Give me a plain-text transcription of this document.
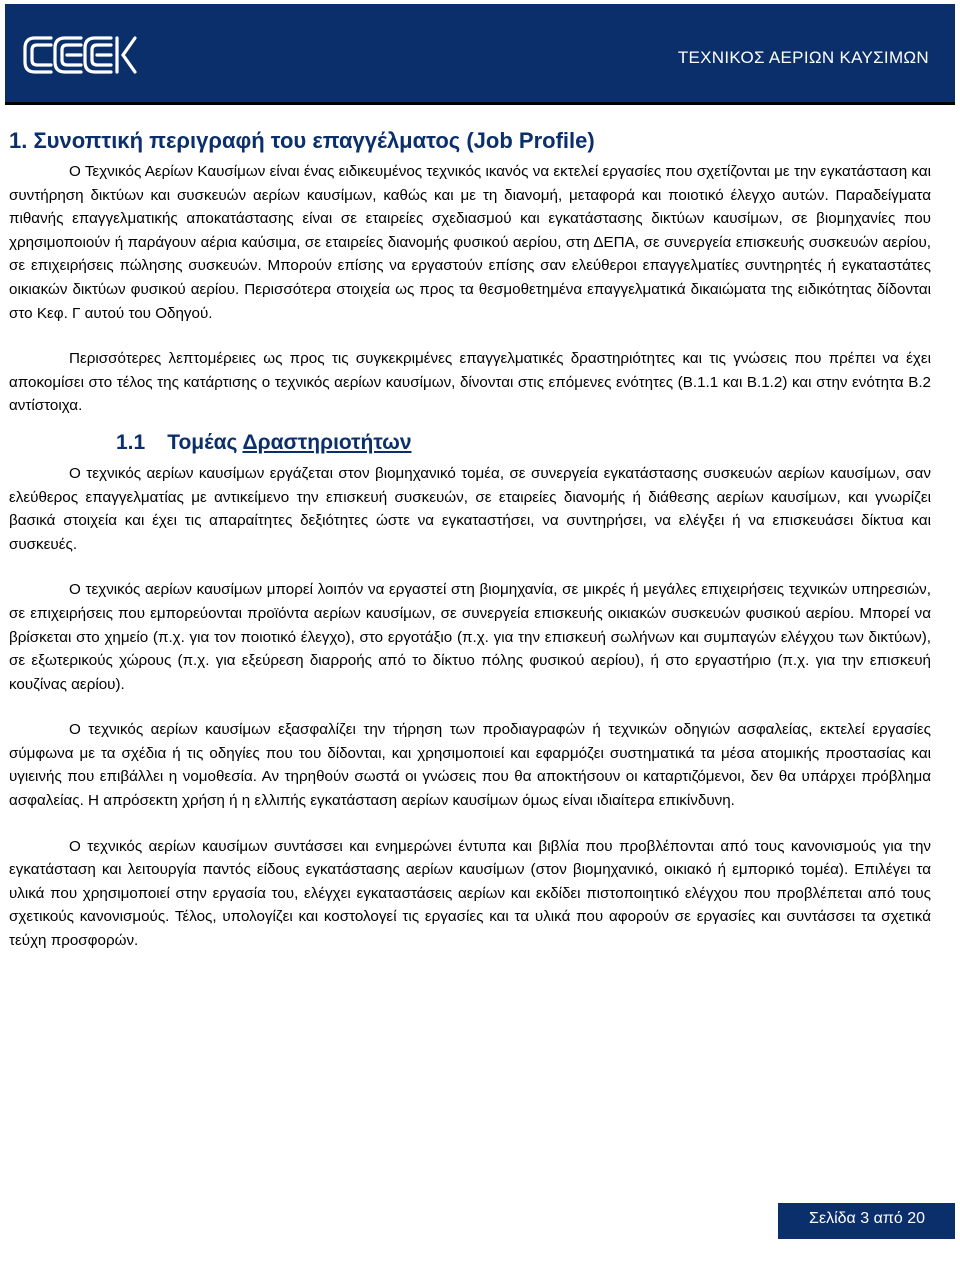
ΤΕΧΝΙΚΟΣ ΑΕΡΙΩΝ ΚΑΥΣΙΜΩΝ
1. Συνοπτική περιγραφή του επαγγέλματος (Job Profile)

Ο Τεχνικός Αερίων Καυσίμων είναι ένας ειδικευμένος τεχνικός ικανός να εκτελεί εργασίες που σχετίζονται με την εγκατάσταση και συντήρηση δικτύων και συσκευών αερίων καυσίμων, καθώς και με τη διανομή, μεταφορά και ποιοτικό έλεγχο αυτών. Παραδείγματα πιθανής επαγγελματικής αποκατάστασης είναι σε εταιρείες σχεδιασμού και εγκατάστασης δικτύων καυσίμων, σε βιομηχανίες που χρησιμοποιούν ή παράγουν αέρια καύσιμα, σε εταιρείες διανομής φυσικού αερίου, στη ΔΕΠΑ, σε συνεργεία επισκευής συσκευών αερίου, σε επιχειρήσεις πώλησης συσκευών. Μπορούν επίσης να εργαστούν επίσης σαν ελεύθεροι επαγγελματίες συντηρητές ή εγκαταστάτες οικιακών δικτύων φυσικού αερίου. Περισσότερα στοιχεία ως προς τα θεσμοθετημένα επαγγελματικά δικαιώματα της ειδικότητας δίδονται στο Κεφ. Γ αυτού του Οδηγού.

Περισσότερες λεπτομέρειες ως προς τις συγκεκριμένες επαγγελματικές δραστηριότητες και τις γνώσεις που πρέπει να έχει αποκομίσει στο τέλος της κατάρτισης ο τεχνικός αερίων καυσίμων, δίνονται στις επόμενες ενότητες (Β.1.1 και Β.1.2) και στην ενότητα Β.2 αντίστοιχα.

1.1 Τομέας Δραστηριοτήτων

Ο τεχνικός αερίων καυσίμων εργάζεται στον βιομηχανικό τομέα, σε συνεργεία εγκατάστασης συσκευών αερίων καυσίμων, σαν ελεύθερος επαγγελματίας με αντικείμενο την επισκευή συσκευών, σε εταιρείες διανομής ή διάθεσης αερίων καυσίμων, και γνωρίζει βασικά στοιχεία και έχει τις απαραίτητες δεξιότητες ώστε να εγκαταστήσει, να συντηρήσει, να ελέγξει ή να επισκευάσει δίκτυα και συσκευές.

Ο τεχνικός αερίων καυσίμων μπορεί λοιπόν να εργαστεί στη βιομηχανία, σε μικρές ή μεγάλες επιχειρήσεις τεχνικών υπηρεσιών, σε επιχειρήσεις που εμπορεύονται προϊόντα αερίων καυσίμων, σε συνεργεία επισκευής οικιακών συσκευών φυσικού αερίου. Μπορεί να βρίσκεται στο χημείο (π.χ. για τον ποιοτικό έλεγχο), στο εργοτάξιο (π.χ. για την επισκευή σωλήνων και συμπαγών ελέγχου των δικτύων), σε εξωτερικούς χώρους (π.χ. για εξεύρεση διαρροής από το δίκτυο πόλης φυσικού αερίου), ή στο εργαστήριο (π.χ. για την επισκευή κουζίνας αερίου).

Ο τεχνικός αερίων καυσίμων εξασφαλίζει την τήρηση των προδιαγραφών ή τεχνικών οδηγιών ασφαλείας, εκτελεί εργασίες σύμφωνα με τα σχέδια ή τις οδηγίες που του δίδονται, και χρησιμοποιεί και εφαρμόζει συστηματικά τα μέσα ατομικής προστασίας και υγιεινής που επιβάλλει η νομοθεσία. Αν τηρηθούν σωστά οι γνώσεις που θα αποκτήσουν οι καταρτιζόμενοι, δεν θα υπάρχει πρόβλημα ασφαλείας. Η απρόσεκτη χρήση ή η ελλιπής εγκατάσταση αερίων καυσίμων όμως είναι ιδιαίτερα επικίνδυνη.

Ο τεχνικός αερίων καυσίμων συντάσσει και ενημερώνει έντυπα και βιβλία που προβλέπονται από τους κανονισμούς για την εγκατάσταση και λειτουργία παντός είδους εγκατάστασης αερίων καυσίμων (στον βιομηχανικό, οικιακό ή εμπορικό τομέα). Επιλέγει τα υλικά που χρησιμοποιεί στην εργασία του, ελέγχει εγκαταστάσεις αερίων και εκδίδει πιστοποιητικό ελέγχου που προβλέπεται από τους σχετικούς κανονισμούς. Τέλος, υπολογίζει και κοστολογεί τις εργασίες και τα υλικά που αφορούν σε εργασίες και συντάσσει τα σχετικά τεύχη προσφορών.

Σελίδα 3 από 20
